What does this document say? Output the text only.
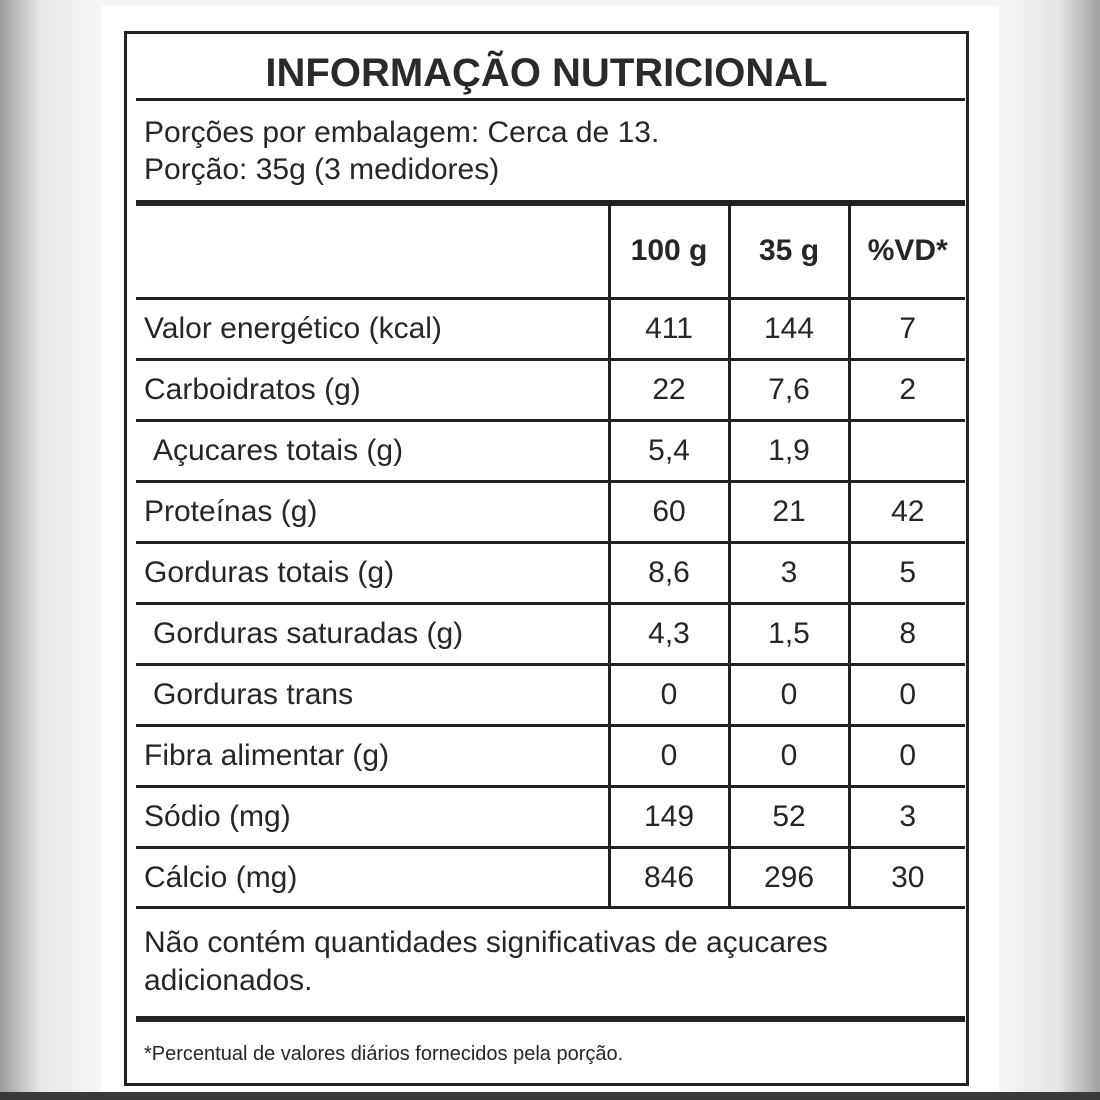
INFORMAÇÃO NUTRICIONAL
Porções por embalagem: Cerca de 13.
Porção: 35g (3 medidores)
	100 g	35 g	%VD*
Valor energético (kcal)	411	144	7
Carboidratos (g)	22	7,6	2
Açucares totais (g)	5,4	1,9	
Proteínas (g)	60	21	42
Gorduras totais (g)	8,6	3	5
Gorduras saturadas (g)	4,3	1,5	8
Gorduras trans	0	0	0
Fibra alimentar (g)	0	0	0
Sódio (mg)	149	52	3
Cálcio (mg)	846	296	30
Não contém quantidades significativas de açucares
adicionados.
*Percentual de valores diários fornecidos pela porção.
